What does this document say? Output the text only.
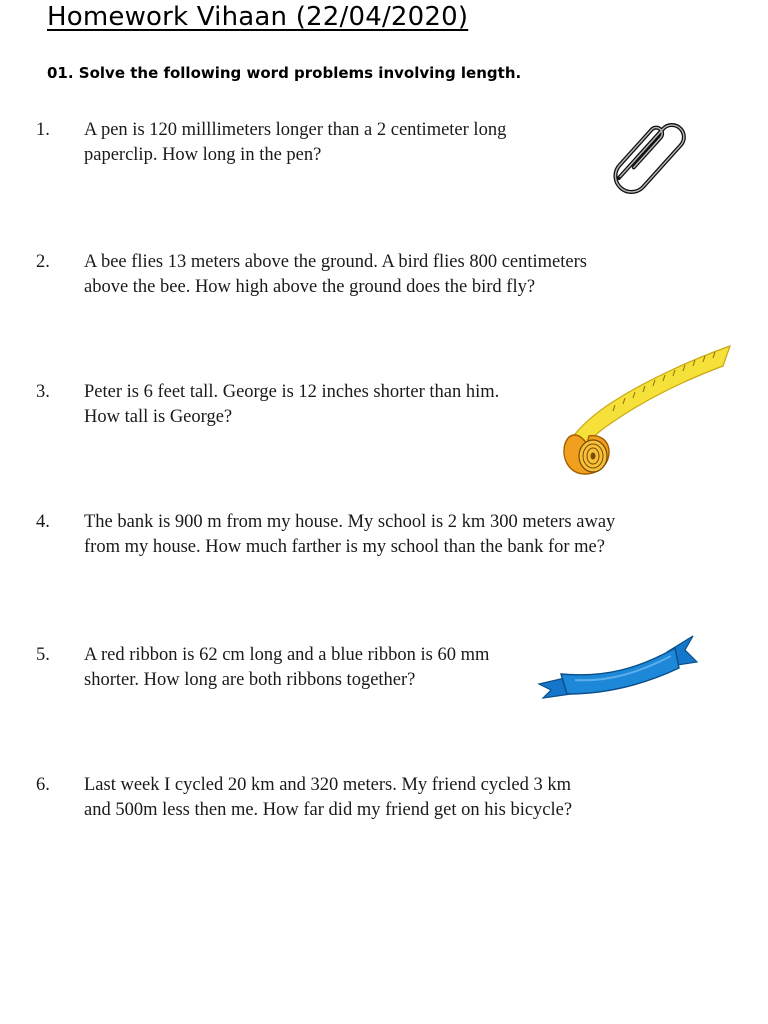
Homework Vihaan (22/04/2020)
01. Solve the following word problems involving length.
1.	A pen is 120 milllimeters longer than a 2 centimeter long
paperclip. How long in the pen?
2.	A bee flies 13 meters above the ground. A bird flies 800 centimeters
above the bee. How high above the ground does the bird fly?
3.	Peter is 6 feet tall. George is 12 inches shorter than him.
How tall is George?
4.	The bank is 900 m from my house. My school is 2 km 300 meters away
from my house. How much farther is my school than the bank for me?
5.	A red ribbon is 62 cm long and a blue ribbon is 60 mm
shorter. How long are both ribbons together?
6.	Last week I cycled 20 km and 320 meters. My friend cycled 3 km
and 500m less then me. How far did my friend get on his bicycle?
